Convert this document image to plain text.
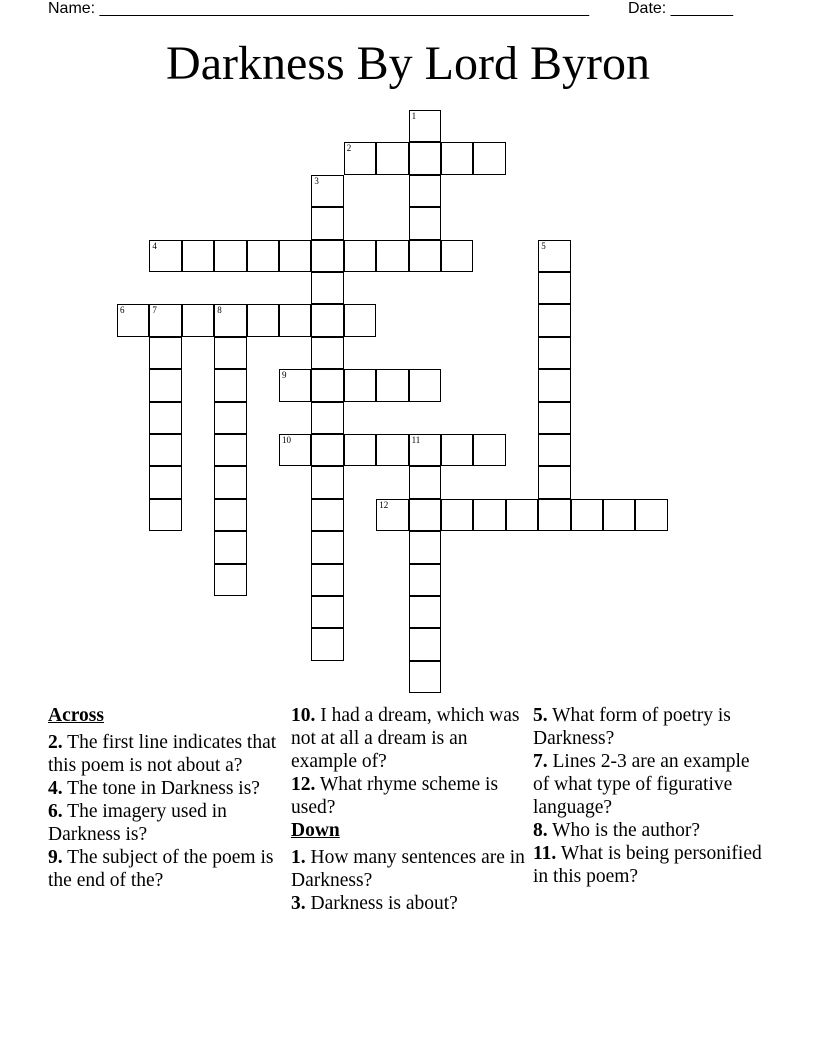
Name: _______________________________________________________ Date: _______
Darkness By Lord Byron
1
2
3
4	5
6	7	8
9
10	11
12
Across

2. The first line indicates that this poem is not about a?

4. The tone in Darkness is?

6. The imagery used in Darkness is?

9. The subject of the poem is the end of the?

10. I had a dream, which was not at all a dream is an example of?

12. What rhyme scheme is used?

Down

1. How many sentences are in Darkness?

3. Darkness is about?

5. What form of poetry is Darkness?

7. Lines 2-3 are an example of what type of figurative language?

8. Who is the author?

11. What is being personified in this poem?
